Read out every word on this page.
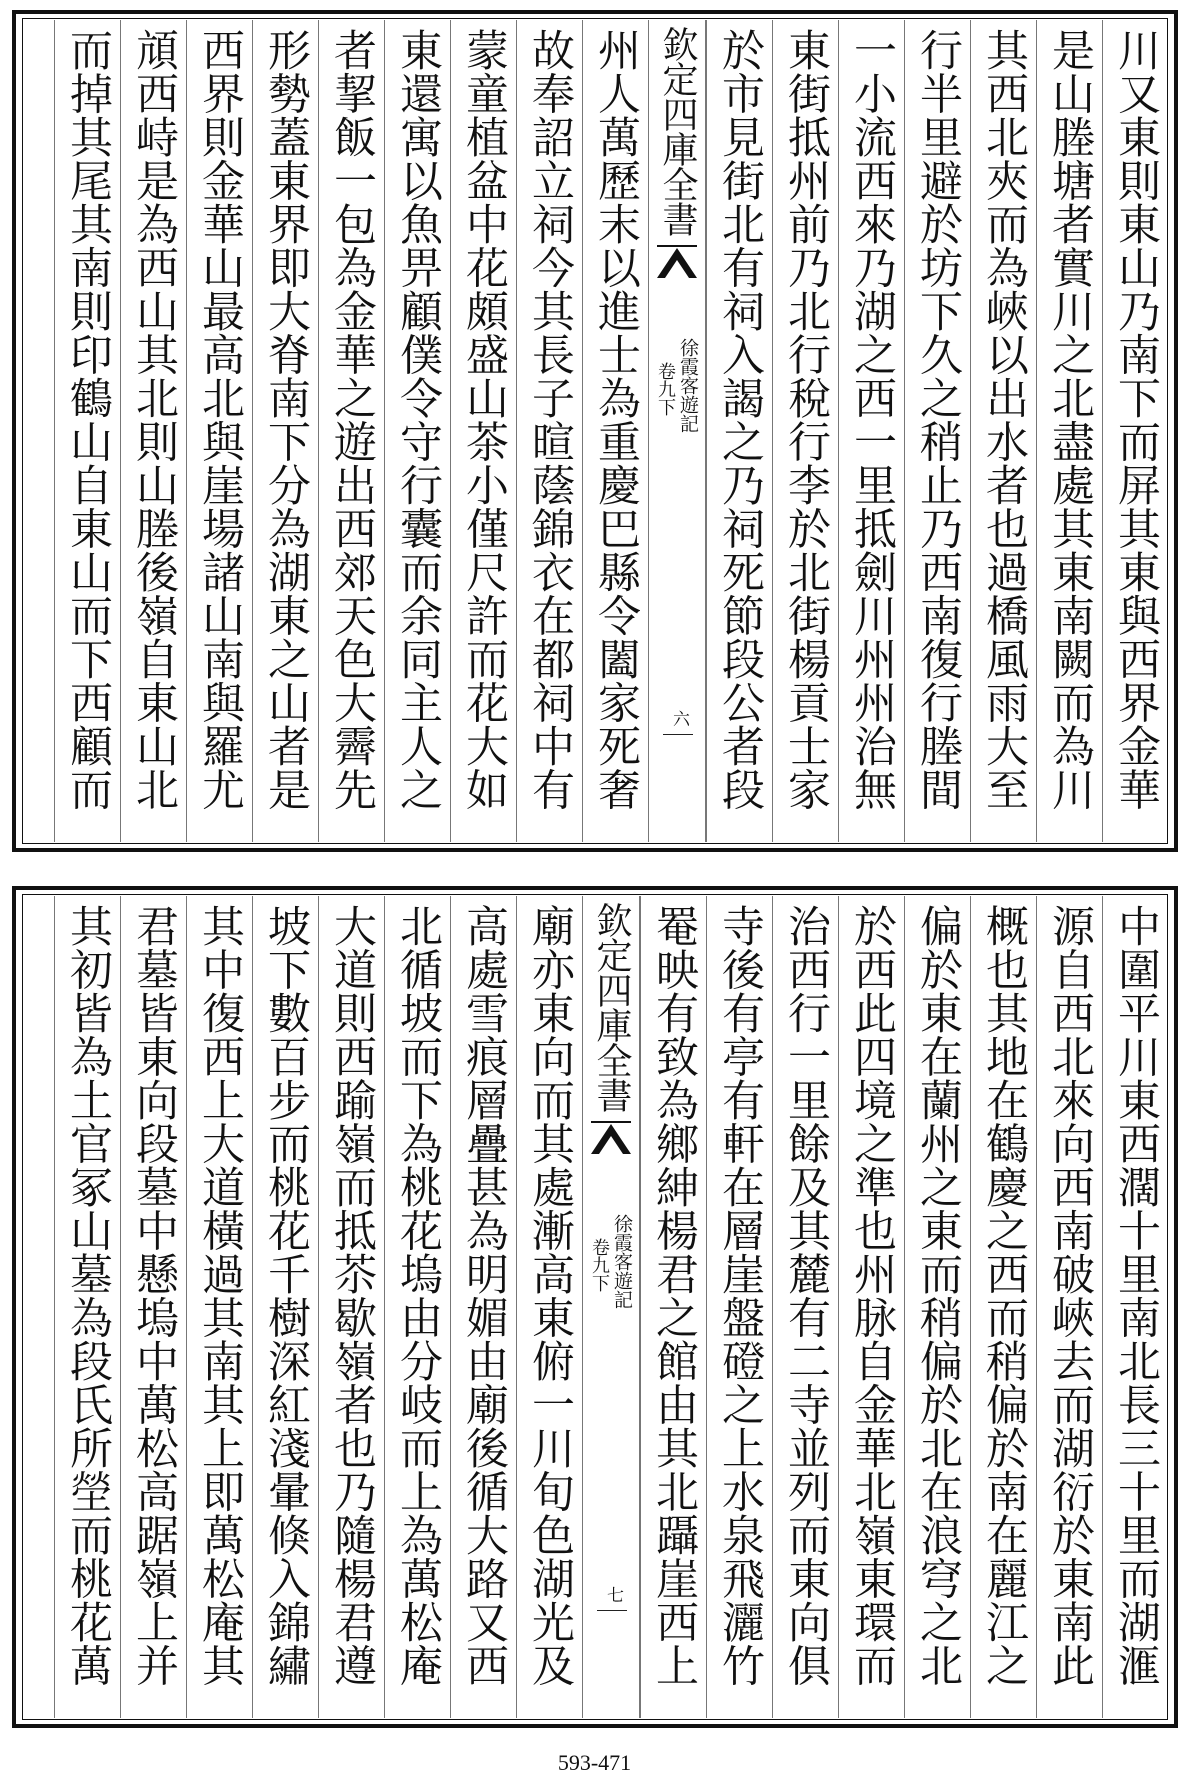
川又東則東山乃南下而屏其東與西界金華
是山塍塘者實川之北盡處其東南闕而為川
其西北夾而為峽以出水者也過橋風雨大至
行半里避於坊下久之稍止乃西南復行塍間
一小流西來乃湖之西一里抵劍川州州治無
東街抵州前乃北行稅行李於北街楊貢士家
於市見街北有祠入謁之乃祠死節段公者段
欽定四庫全書
徐霞客遊記
卷九下
六
州人萬歷末以進士為重慶巴縣令闔家死奢
故奉詔立祠今其長子暄蔭錦衣在都祠中有
蒙童植盆中花頗盛山茶小僅尺許而花大如
東還寓以魚畀顧僕令守行囊而余同主人之
者挈飯一包為金華之遊出西郊天色大霽先
形勢蓋東界即大脊南下分為湖東之山者是
西界則金華山最高北與崖場諸山南與羅尤
頏西峙是為西山其北則山塍後嶺自東山北
而掉其尾其南則印鶴山自東山而下西顧而
中圍平川東西濶十里南北長三十里而湖滙
源自西北來向西南破峽去而湖衍於東南此
概也其地在鶴慶之西而稍偏於南在麗江之
偏於東在蘭州之東而稍偏於北在浪穹之北
於西此四境之準也州脉自金華北嶺東環而
治西行一里餘及其麓有二寺並列而東向俱
寺後有亭有軒在層崖盤磴之上水泉飛灑竹
罨映有致為鄉紳楊君之館由其北躡崖西上
欽定四庫全書
徐霞客遊記
卷九下
七
廟亦東向而其處漸高東俯一川旬色湖光及
高處雪痕層疊甚為明媚由廟後循大路又西
北循坡而下為桃花塢由分岐而上為萬松庵
大道則西踰嶺而抵苶歇嶺者也乃隨楊君遵
坡下數百步而桃花千樹深紅淺暈倏入錦繡
其中復西上大道橫過其南其上即萬松庵其
君墓皆東向段墓中懸塢中萬松高踞嶺上并
其初皆為土官冢山墓為段氏所塋而桃花萬
593-471
